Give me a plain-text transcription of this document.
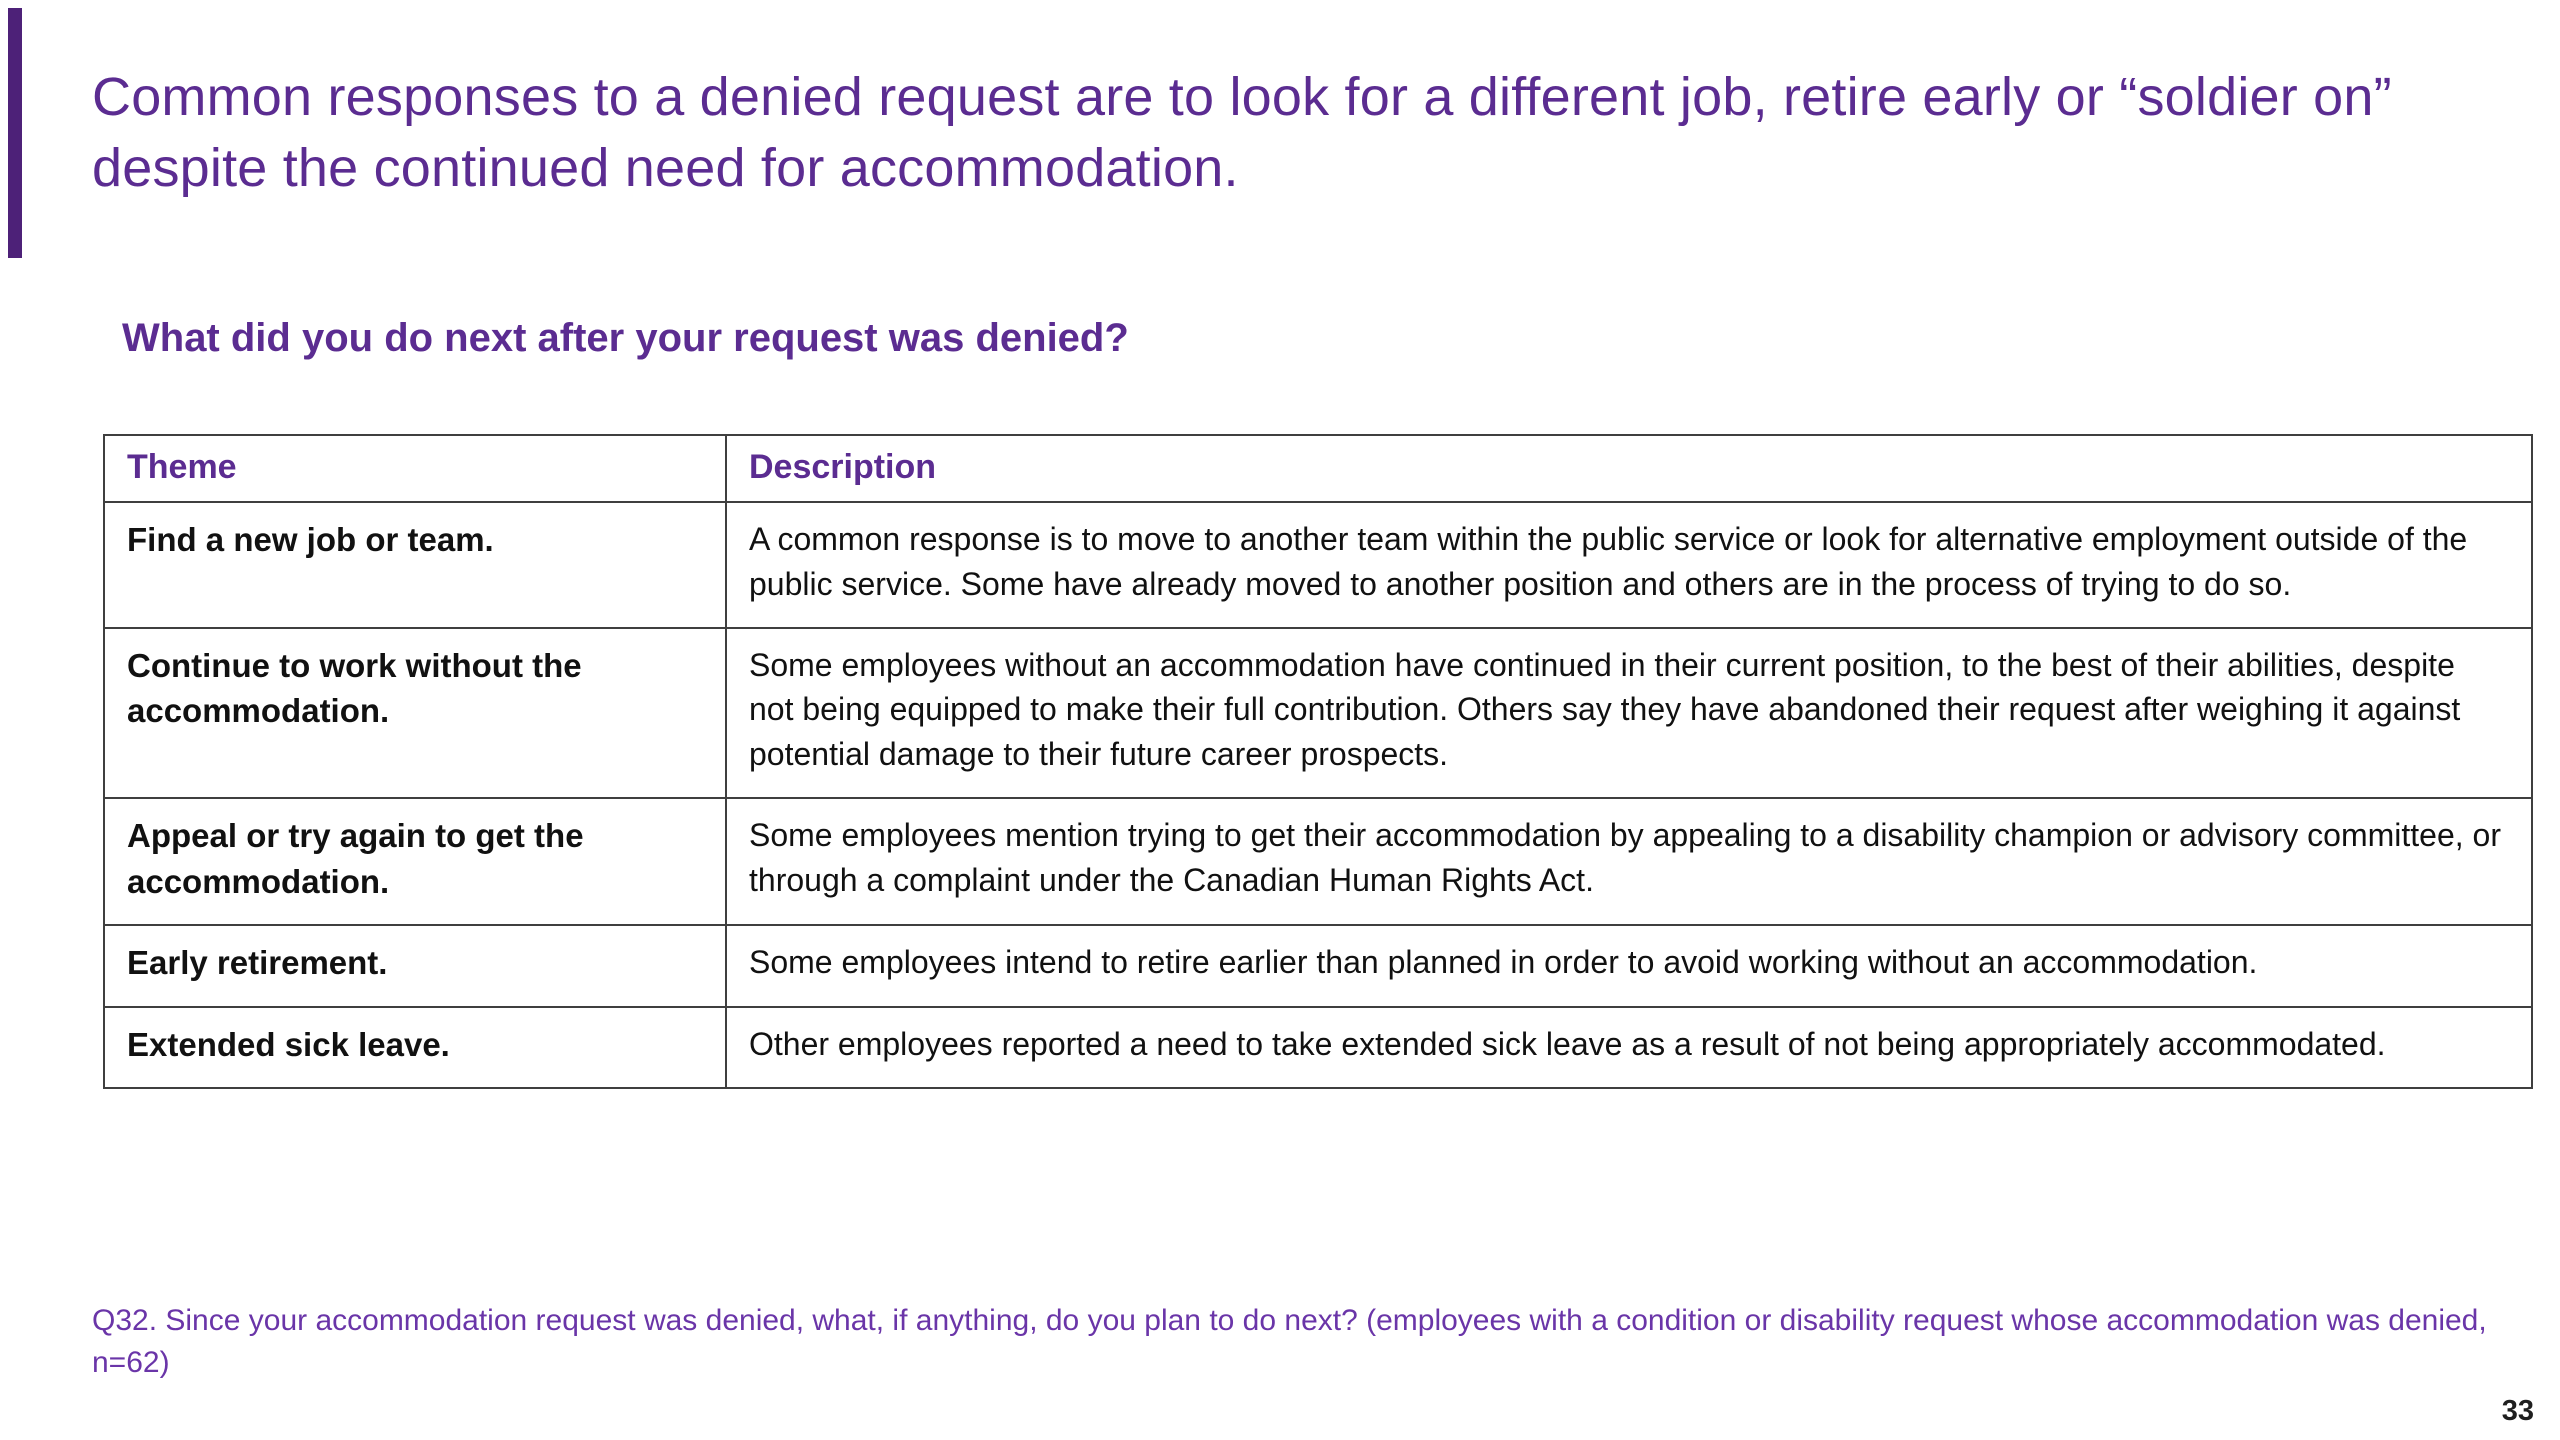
Common responses to a denied request are to look for a different job, retire early or “soldier on” despite the continued need for accommodation.
What did you do next after your request was denied?
Theme	Description
Find a new job or team.	A common response is to move to another team within the public service or look for alternative employment outside of the public service. Some have already moved to another position and others are in the process of trying to do so.
Continue to work without the accommodation.	Some employees without an accommodation have continued in their current position, to the best of their abilities, despite not being equipped to make their full contribution. Others say they have abandoned their request after weighing it against potential damage to their future career prospects.
Appeal or try again to get the accommodation.	Some employees mention trying to get their accommodation by appealing to a disability champion or advisory committee, or through a complaint under the Canadian Human Rights Act.
Early retirement.	Some employees intend to retire earlier than planned in order to avoid working without an accommodation.
Extended sick leave.	Other employees reported a need to take extended sick leave as a result of not being appropriately accommodated.

Q32. Since your accommodation request was denied, what, if anything, do you plan to do next? (employees with a condition or disability request whose accommodation was denied, n=62)

33
